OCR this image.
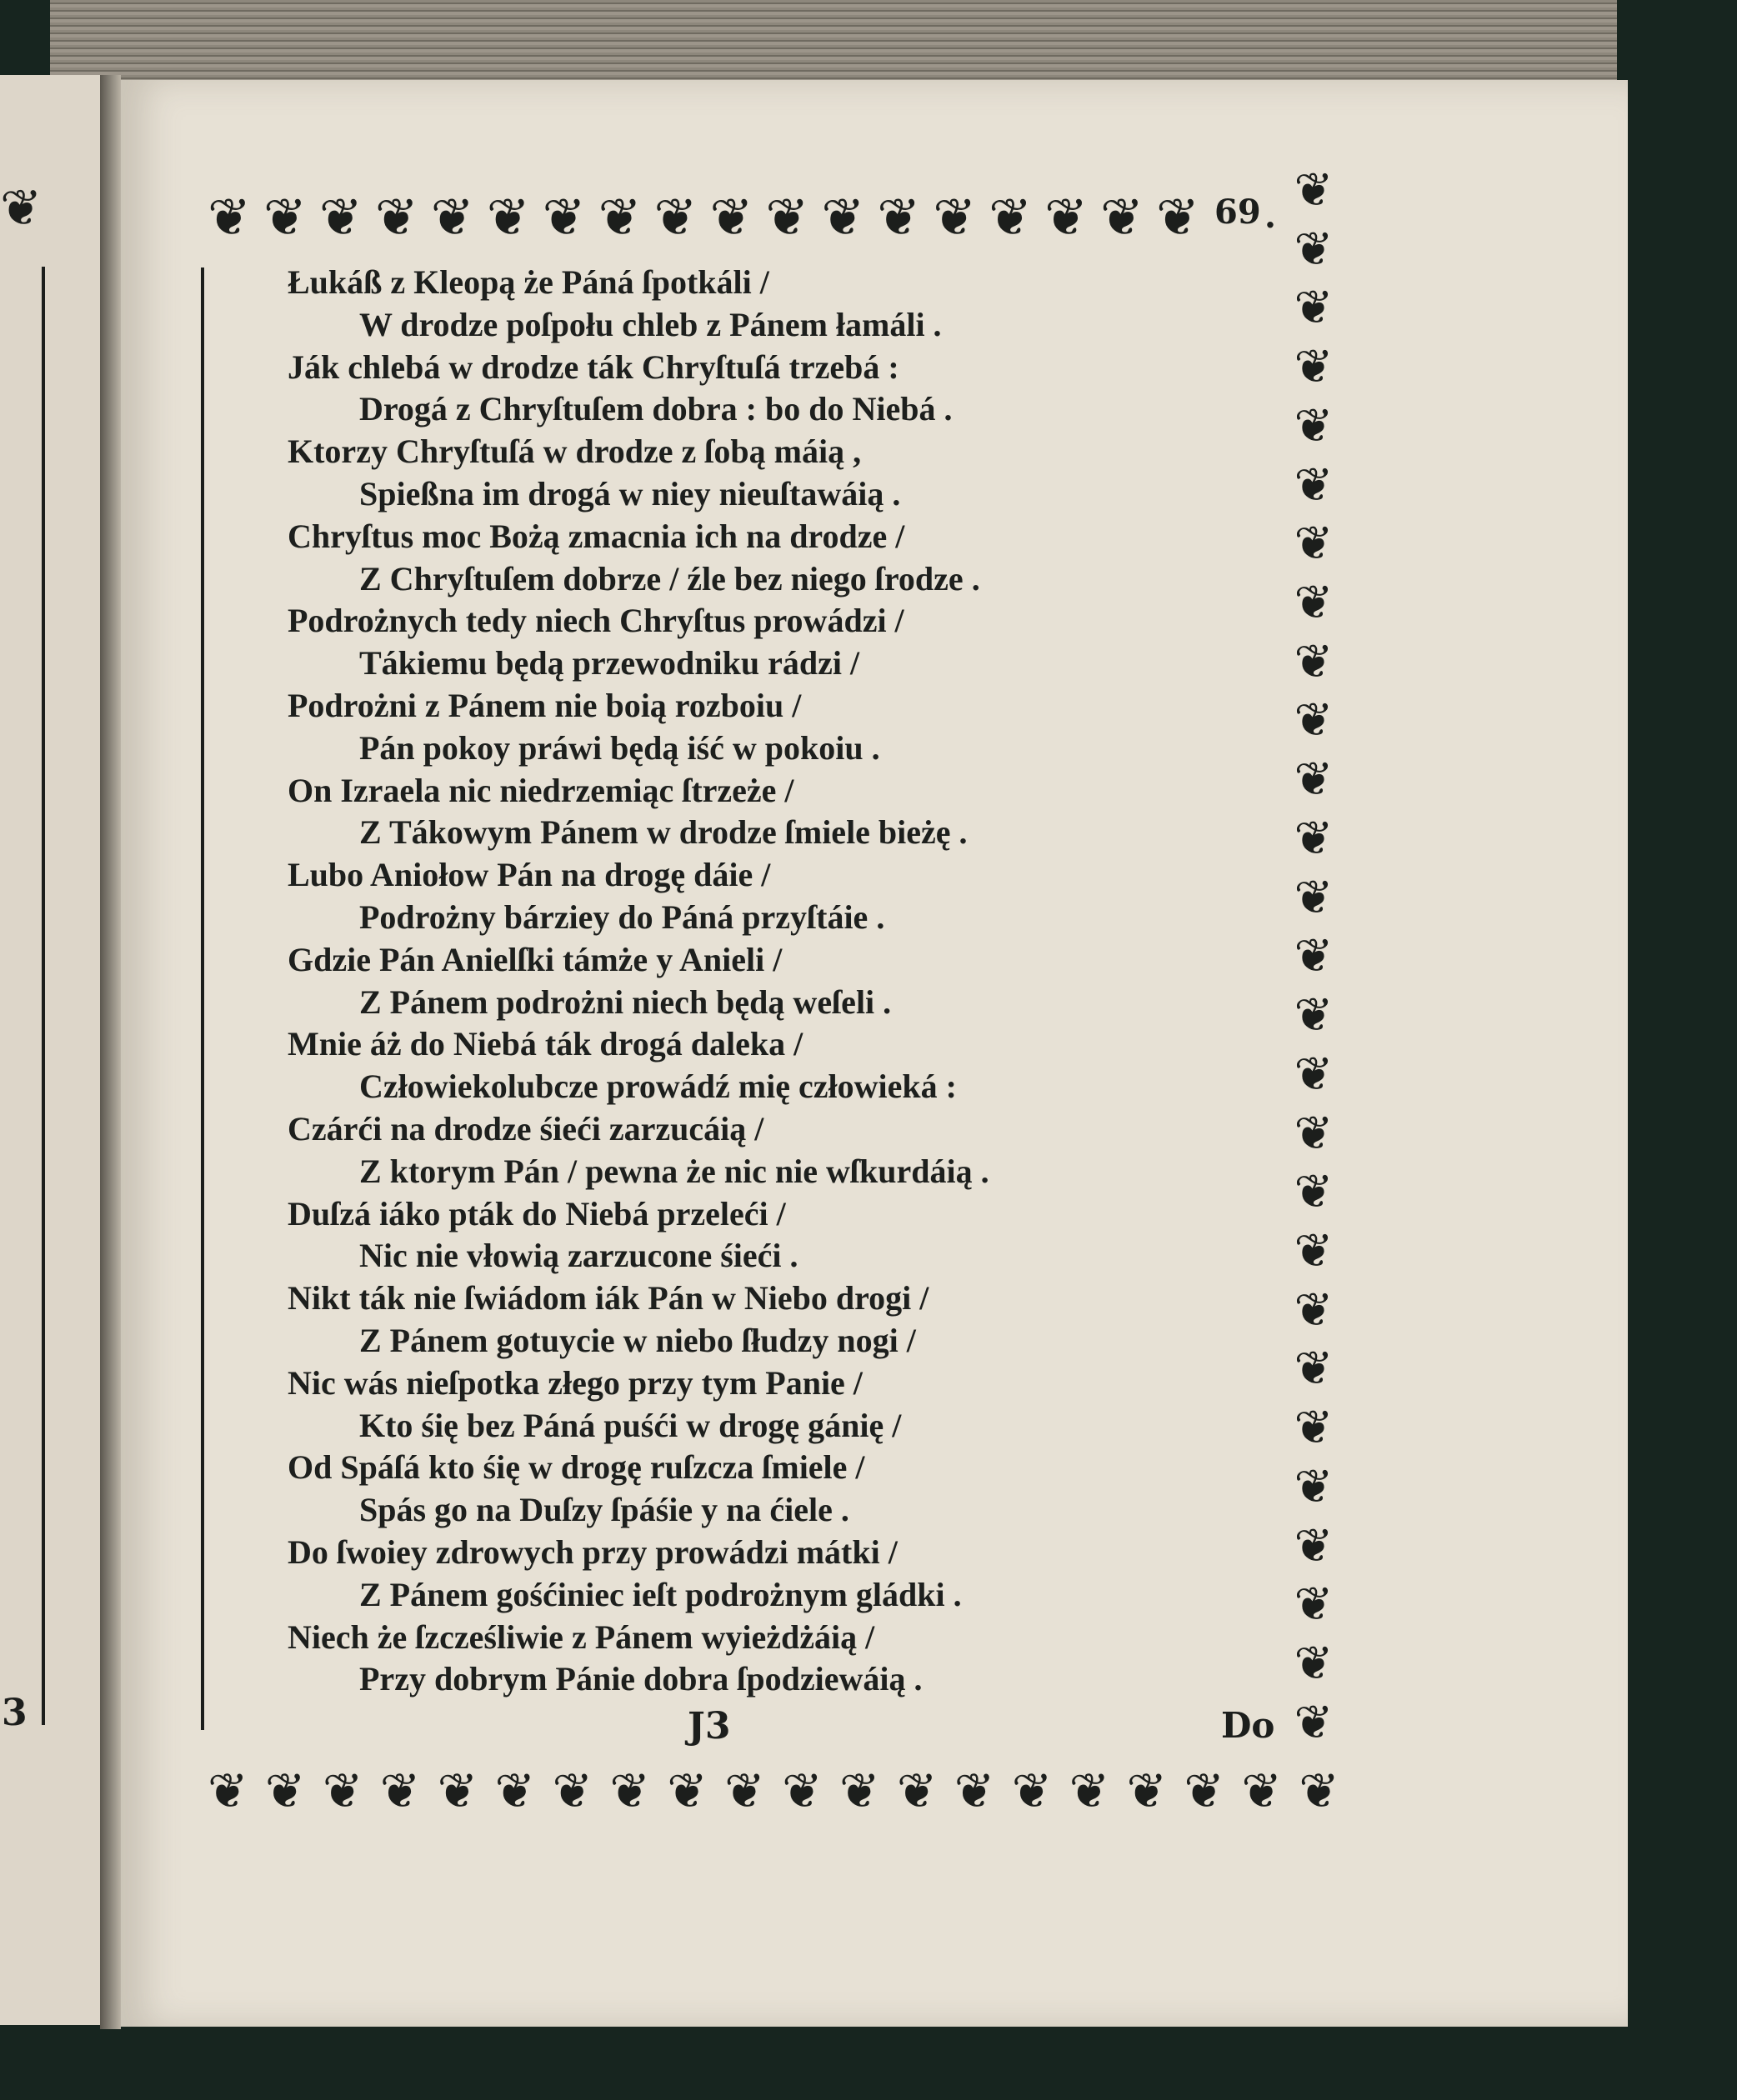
❦
3
❦ ❦ ❦ ❦ ❦ ❦ ❦ ❦ ❦ ❦ ❦ ❦ ❦ ❦ ❦ ❦ ❦ ❦ 69 . ❦
❦
❦
❦
❦
❦
❦
❦
❦
❦
❦
❦
❦
❦
❦
❦
❦
❦
❦
❦
❦
❦
❦
❦
❦
❦
❦
Łukáß z Kleopą że Páná ſpotkáli /
W drodze poſpołu chleb z Pánem łamáli .
Ják chlebá w drodze ták Chryſtuſá trzebá :
Drogá z Chryſtuſem dobra : bo do Niebá .
Ktorzy Chryſtuſá w drodze z ſobą máią ,
Spießna im drogá w niey nieuſtawáią .
Chryſtus moc Bożą zmacnia ich na drodze /
Z Chryſtuſem dobrze / źle bez niego ſrodze .
Podrożnych tedy niech Chryſtus prowádzi /
Tákiemu będą przewodniku rádzi /
Podrożni z Pánem nie boią rozboiu /
Pán pokoy práwi będą iść w pokoiu .
On Izraela nic niedrzemiąc ſtrzeże /
Z Tákowym Pánem w drodze ſmiele bieżę .
Lubo Aniołow Pán na drogę dáie /
Podrożny bárziey do Páná przyſtáie .
Gdzie Pán Anielſki támże y Anieli /
Z Pánem podrożni niech będą weſeli .
Mnie áż do Niebá ták drogá daleka /
Człowiekolubcze prowádź mię człowieká :
Czárći na drodze śieći zarzucáią /
Z ktorym Pán / pewna że nic nie wſkurdáią .
Duſzá iáko pták do Niebá przeleći /
Nic nie vłowią zarzucone śieći .
Nikt ták nie ſwiádom iák Pán w Niebo drogi /
Z Pánem gotuycie w niebo ſłudzy nogi /
Nic wás nieſpotka złego przy tym Panie /
Kto śię bez Páná puśći w drogę gánię /
Od Spáſá kto śię w drogę ruſzcza ſmiele /
Spás go na Duſzy ſpáśie y na ćiele .
Do ſwoiey zdrowych przy prowádzi mátki /
Z Pánem gośćiniec ieſt podrożnym gládki .
Niech że ſzcześliwie z Pánem wyieżdżáią /
Przy dobrym Pánie dobra ſpodziewáią .
J3	Do
❦ ❦ ❦ ❦ ❦ ❦ ❦ ❦ ❦ ❦ ❦ ❦ ❦ ❦ ❦ ❦ ❦ ❦ ❦ ❦
